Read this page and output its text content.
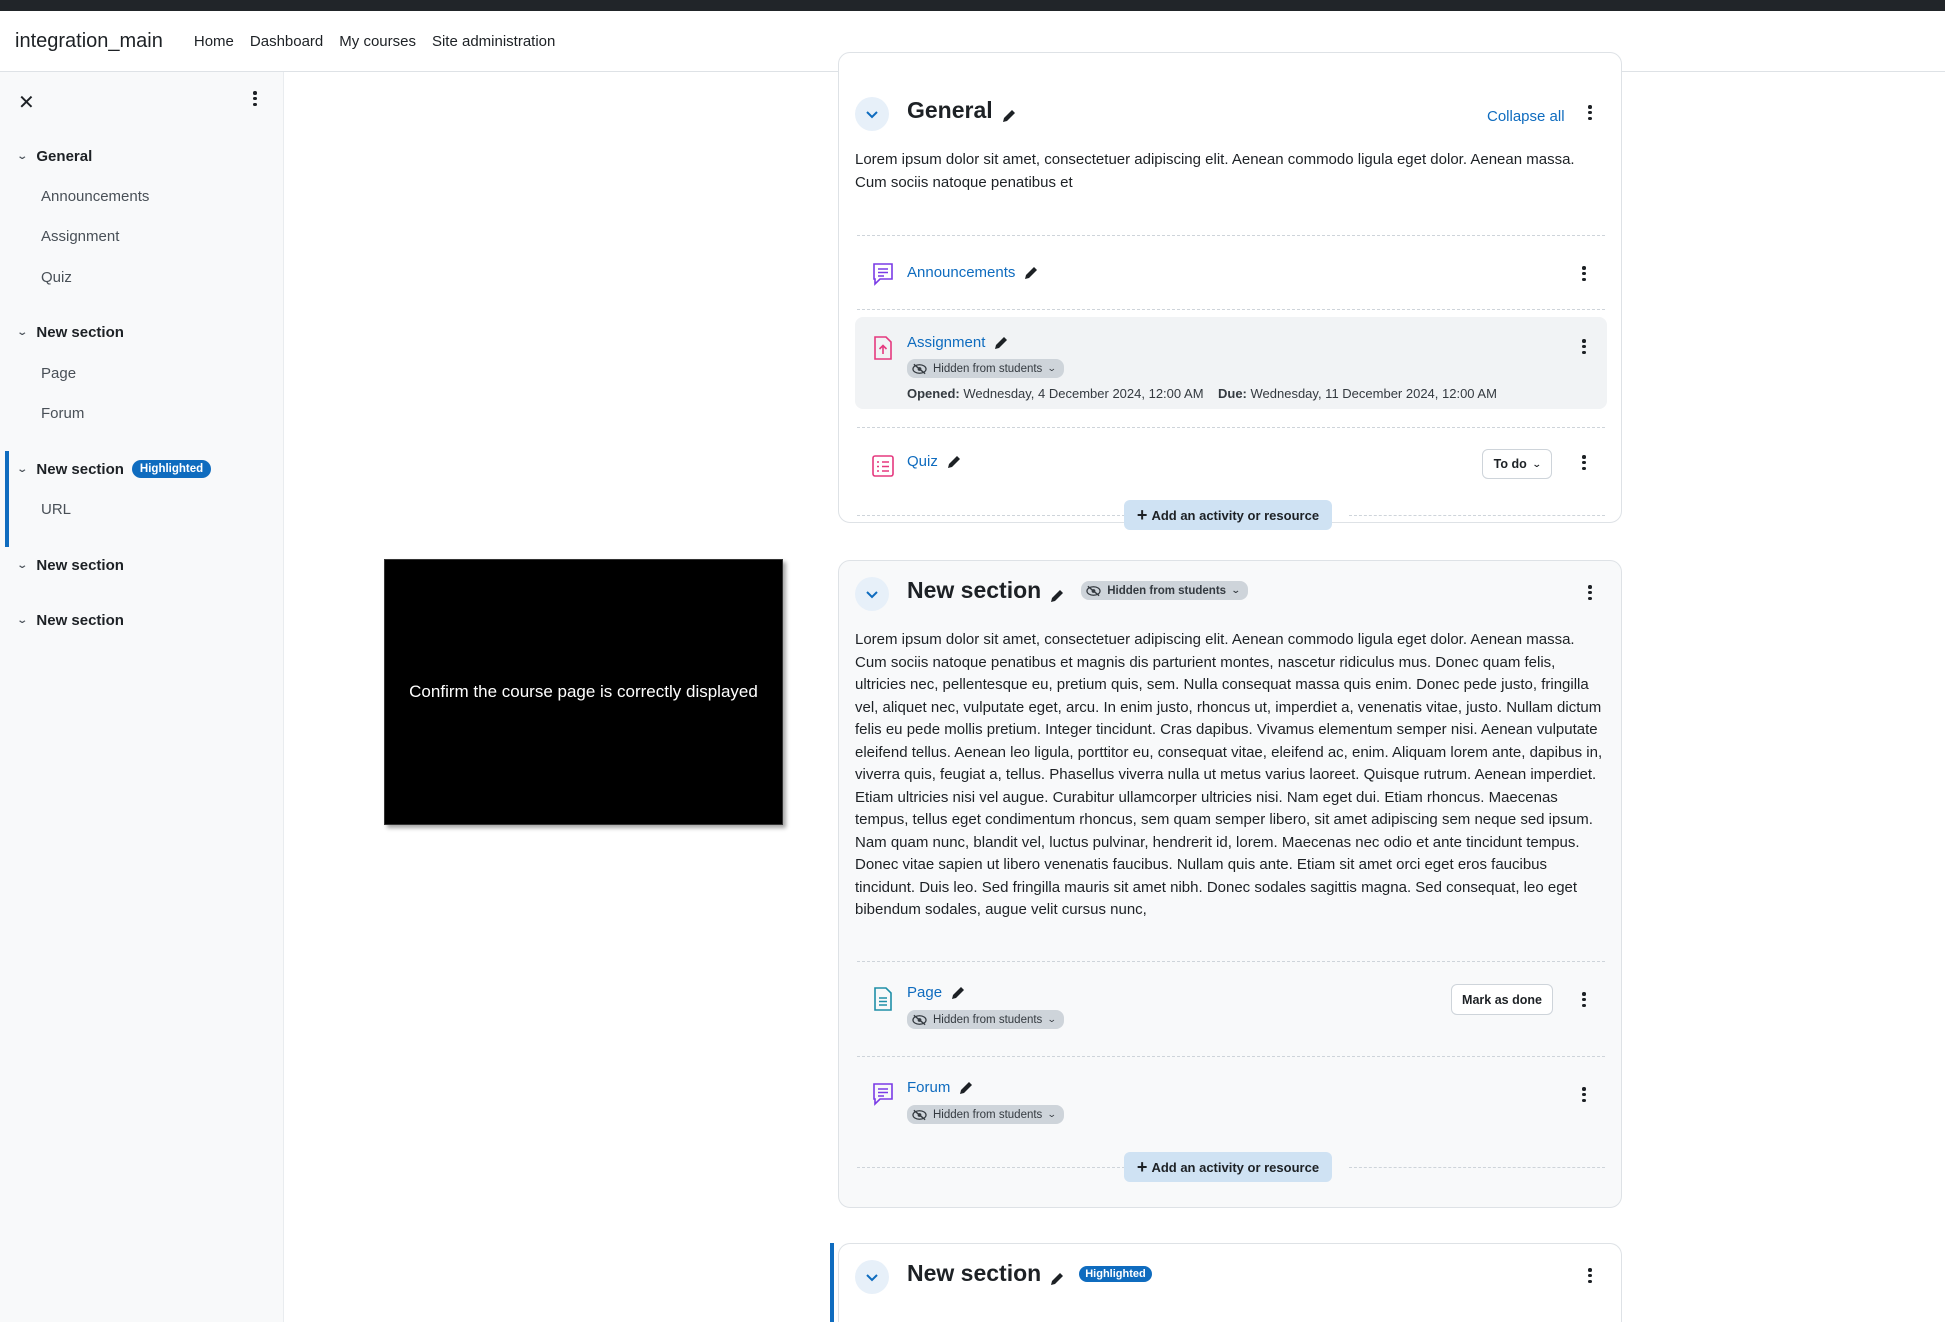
integration_main Home Dashboard My courses Site administration
✕
⌄ General
Announcements
Assignment
Quiz
⌄ New section
Page
Forum
⌄ New section	Highlighted
URL
⌄ New section
⌄ New section
Confirm the course page is correctly displayed
General	Collapse all
Lorem ipsum dolor sit amet, consectetuer adipiscing elit. Aenean commodo ligula eget dolor. Aenean massa. Cum sociis natoque penatibus et
Announcements
Assignment
Hidden from students ⌄
Opened: Wednesday, 4 December 2024, 12:00 AM Due: Wednesday, 11 December 2024, 12:00 AM
Quiz	To do ⌄
+ Add an activity or resource
New section	Hidden from students ⌄
Lorem ipsum dolor sit amet, consectetuer adipiscing elit. Aenean commodo ligula eget dolor. Aenean massa. Cum sociis natoque penatibus et magnis dis parturient montes, nascetur ridiculus mus. Donec quam felis, ultricies nec, pellentesque eu, pretium quis, sem. Nulla consequat massa quis enim. Donec pede justo, fringilla vel, aliquet nec, vulputate eget, arcu. In enim justo, rhoncus ut, imperdiet a, venenatis vitae, justo. Nullam dictum felis eu pede mollis pretium. Integer tincidunt. Cras dapibus. Vivamus elementum semper nisi. Aenean vulputate eleifend tellus. Aenean leo ligula, porttitor eu, consequat vitae, eleifend ac, enim. Aliquam lorem ante, dapibus in, viverra quis, feugiat a, tellus. Phasellus viverra nulla ut metus varius laoreet. Quisque rutrum. Aenean imperdiet. Etiam ultricies nisi vel augue. Curabitur ullamcorper ultricies nisi. Nam eget dui. Etiam rhoncus. Maecenas tempus, tellus eget condimentum rhoncus, sem quam semper libero, sit amet adipiscing sem neque sed ipsum. Nam quam nunc, blandit vel, luctus pulvinar, hendrerit id, lorem. Maecenas nec odio et ante tincidunt tempus. Donec vitae sapien ut libero venenatis faucibus. Nullam quis ante. Etiam sit amet orci eget eros faucibus tincidunt. Duis leo. Sed fringilla mauris sit amet nibh. Donec sodales sagittis magna. Sed consequat, leo eget bibendum sodales, augue velit cursus nunc,
Page
Hidden from students ⌄
Mark as done
Forum
Hidden from students ⌄
+ Add an activity or resource
New section	Highlighted
